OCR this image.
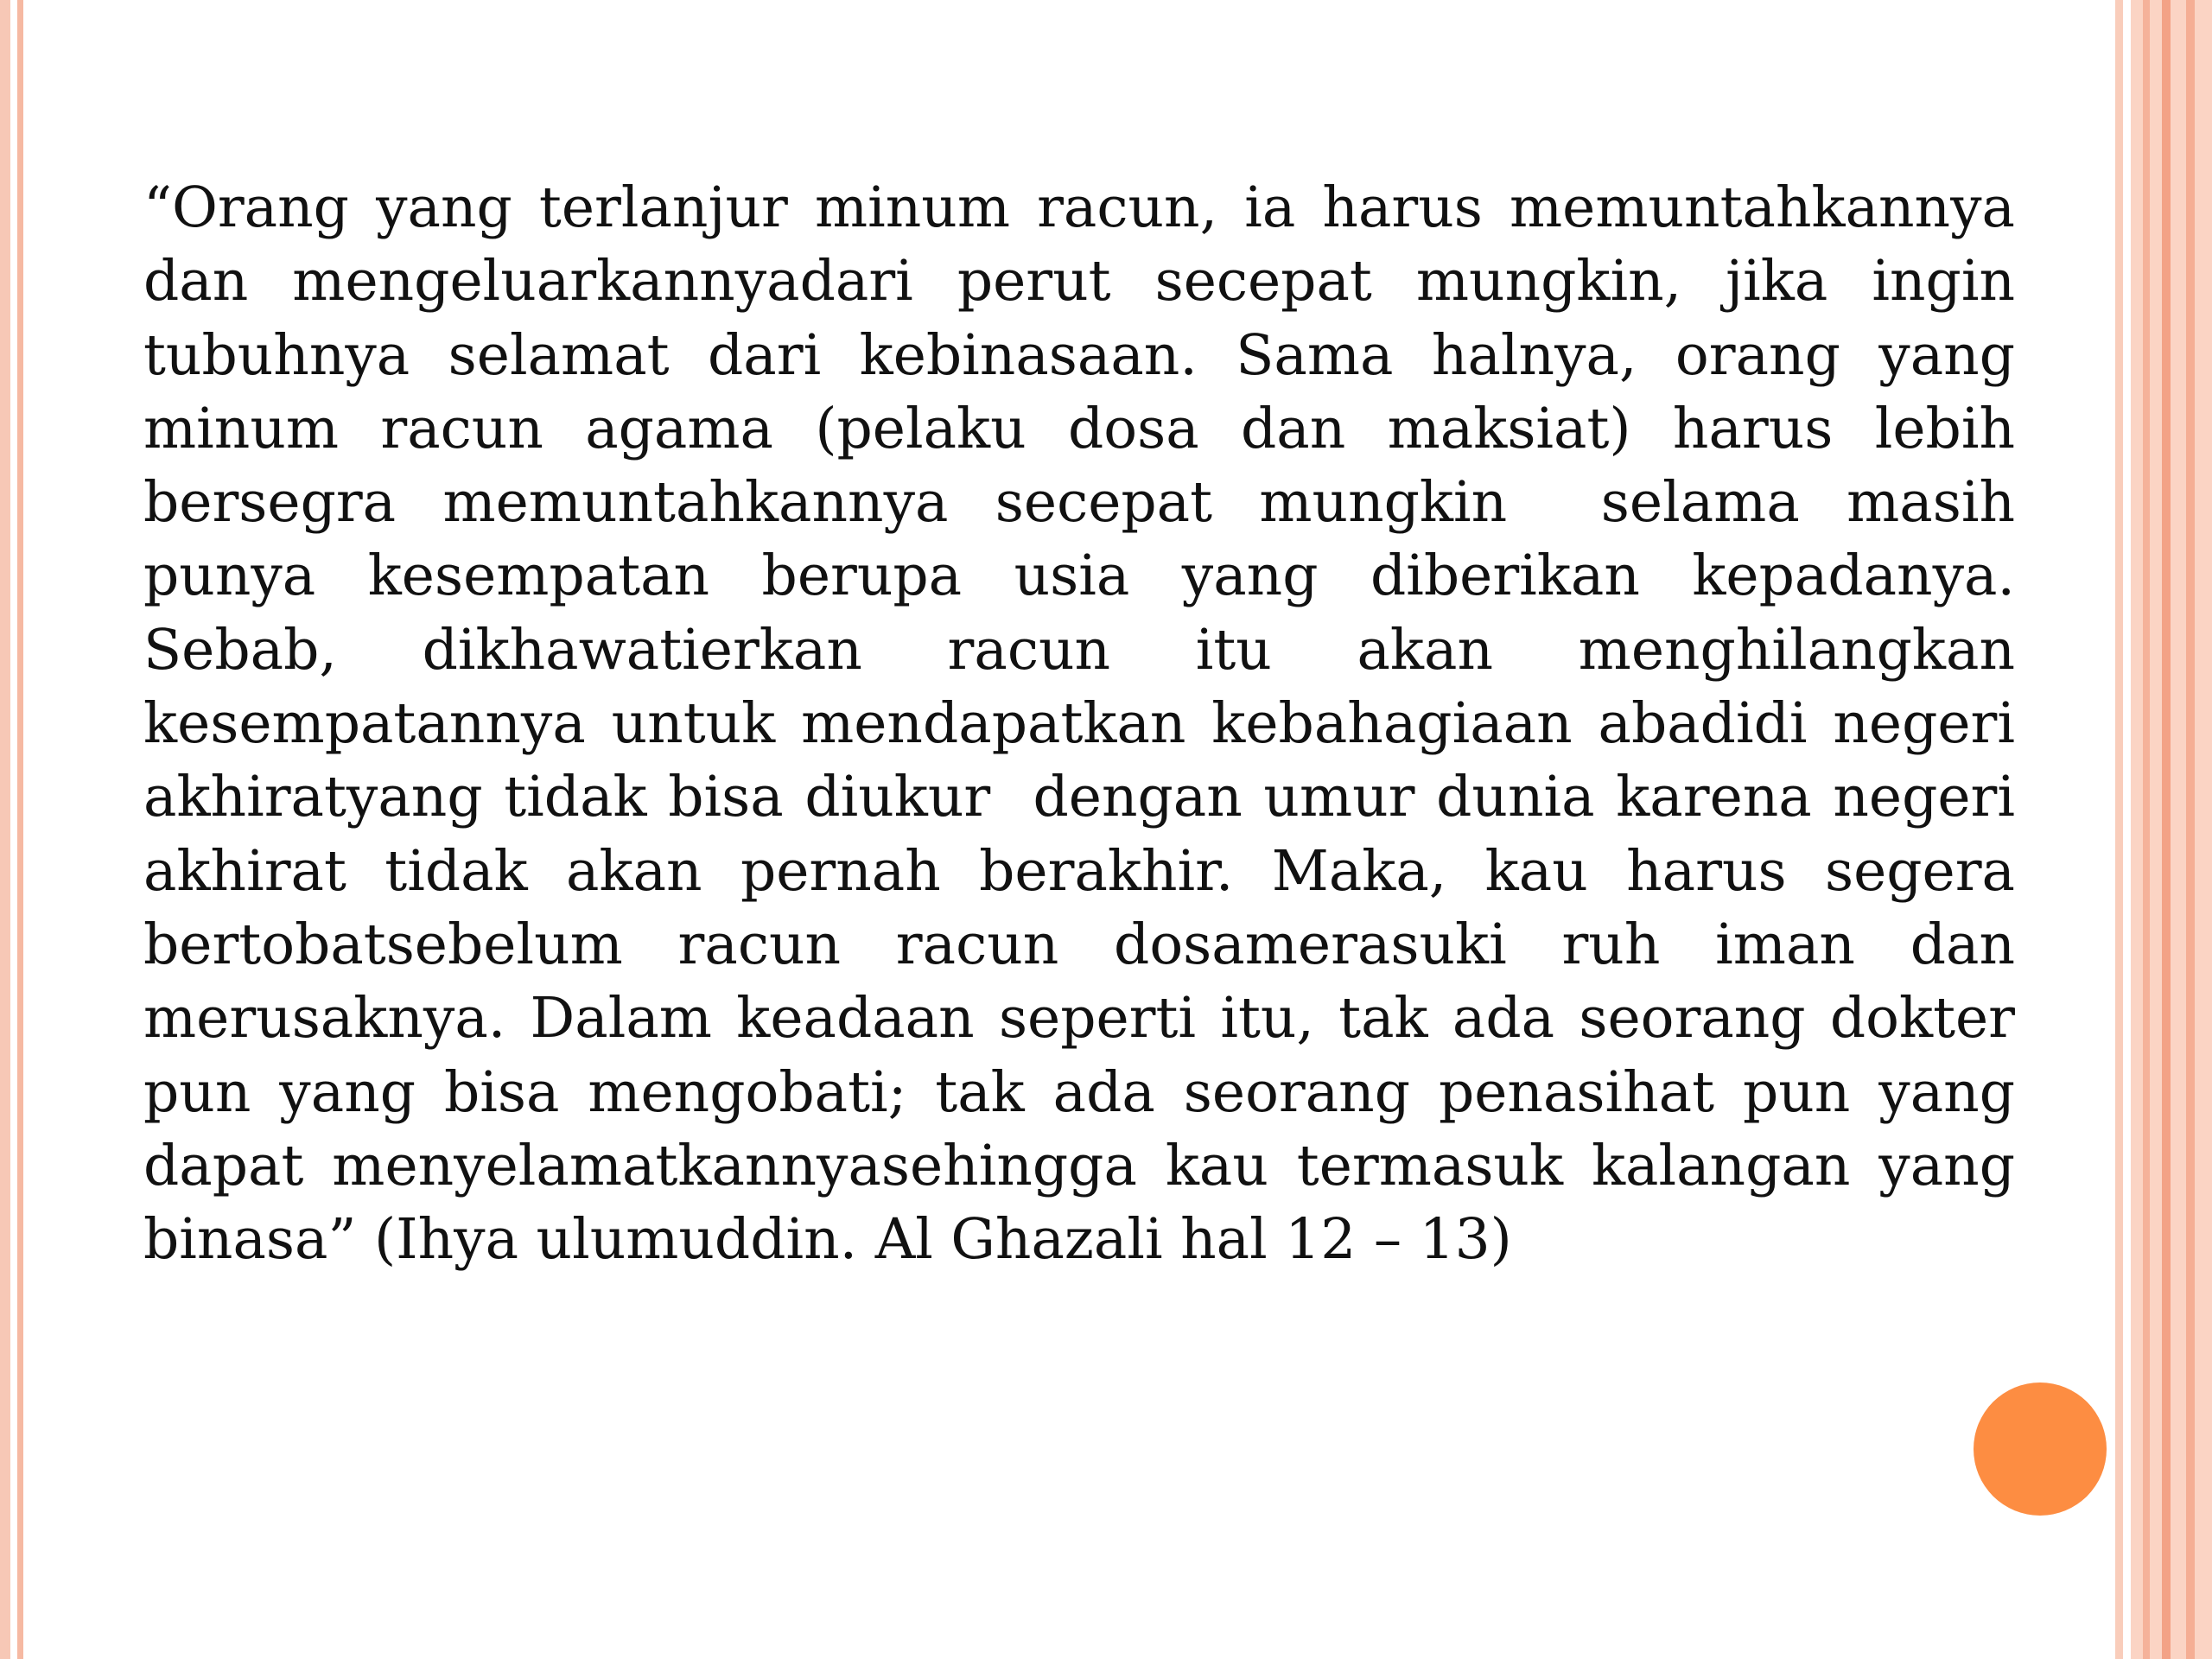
“Orang yang terlanjur minum racun, ia harus memuntahkannya dan mengeluarkannyadari perut secepat mungkin, jika ingin tubuhnya selamat dari kebinasaan. Sama halnya, orang yang minum racun agama (pelaku dosa dan maksiat) harus lebih bersegra memuntahkannya secepat mungkin  selama masih punya kesempatan berupa usia yang diberikan kepadanya. Sebab, dikhawatierkan racun itu akan menghilangkan kesempatannya untuk mendapatkan kebahagiaan abadidi negeri akhiratyang tidak bisa diukur  dengan umur dunia karena negeri akhirat tidak akan pernah berakhir. Maka, kau harus segera bertobatsebelum racun racun dosamerasuki ruh iman dan merusaknya. Dalam keadaan seperti itu, tak ada seorang dokter pun yang bisa mengobati; tak ada seorang penasihat pun yang dapat menyelamatkannyasehingga kau termasuk kalangan yang binasa” (Ihya ulumuddin. Al Ghazali hal 12 – 13)
